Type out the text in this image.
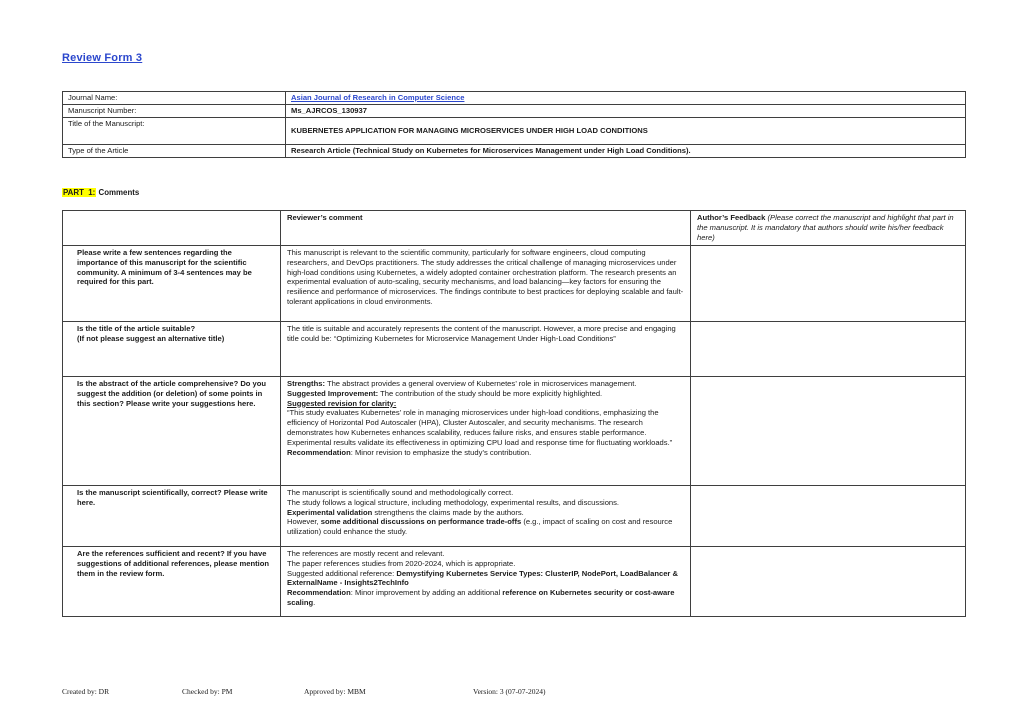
Review Form 3
Journal Name:	Asian Journal of Research in Computer Science
Manuscript Number:	Ms_AJRCOS_130937
Title of the Manuscript:	KUBERNETES APPLICATION FOR MANAGING MICROSERVICES UNDER HIGH LOAD CONDITIONS
Type of the Article	Research Article (Technical Study on Kubernetes for Microservices Management under High Load Conditions).
PART  1: Comments
	Reviewer’s comment	Author’s Feedback (Please correct the manuscript and highlight that part in the manuscript. It is mandatory that authors should write his/her feedback here)

Please write a few sentences regarding the importance of this manuscript for the scientific community. A minimum of 3-4 sentences may be required for this part.	This manuscript is relevant to the scientific community, particularly for software engineers, cloud computing researchers, and DevOps practitioners. The study addresses the critical challenge of managing microservices under high-load conditions using Kubernetes, a widely adopted container orchestration platform. The research presents an experimental evaluation of auto-scaling, security mechanisms, and load balancing—key factors for ensuring the resilience and performance of microservices. The findings contribute to best practices for deploying scalable and fault-tolerant applications in cloud environments.	

Is the title of the article suitable?
(If not please suggest an alternative title)	The title is suitable and accurately represents the content of the manuscript. However, a more precise and engaging title could be: “Optimizing Kubernetes for Microservice Management Under High-Load Conditions”	

Is the abstract of the article comprehensive? Do you suggest the addition (or deletion) of some points in this section? Please write your suggestions here.	Strengths: The abstract provides a general overview of Kubernetes’ role in microservices management.
Suggested Improvement: The contribution of the study should be more explicitly highlighted.
Suggested revision for clarity:
“This study evaluates Kubernetes’ role in managing microservices under high-load conditions, emphasizing the efficiency of Horizontal Pod Autoscaler (HPA), Cluster Autoscaler, and security mechanisms. The research demonstrates how Kubernetes enhances scalability, reduces failure risks, and ensures stable performance. Experimental results validate its effectiveness in optimizing CPU load and response time for fluctuating workloads.”
Recommendation: Minor revision to emphasize the study’s contribution.	

Is the manuscript scientifically, correct? Please write here.	The manuscript is scientifically sound and methodologically correct.
The study follows a logical structure, including methodology, experimental results, and discussions.
Experimental validation strengthens the claims made by the authors.
However, some additional discussions on performance trade-offs (e.g., impact of scaling on cost and resource utilization) could enhance the study.	

Are the references sufficient and recent? If you have suggestions of additional references, please mention them in the review form.	The references are mostly recent and relevant.
The paper references studies from 2020-2024, which is appropriate.
Suggested additional reference: Demystifying Kubernetes Service Types: ClusterIP, NodePort, LoadBalancer & ExternalName - Insights2TechInfo
Recommendation: Minor improvement by adding an additional reference on Kubernetes security or cost-aware scaling.	

Created by: DR	Checked by: PM	Approved by: MBM	Version: 3 (07-07-2024)
